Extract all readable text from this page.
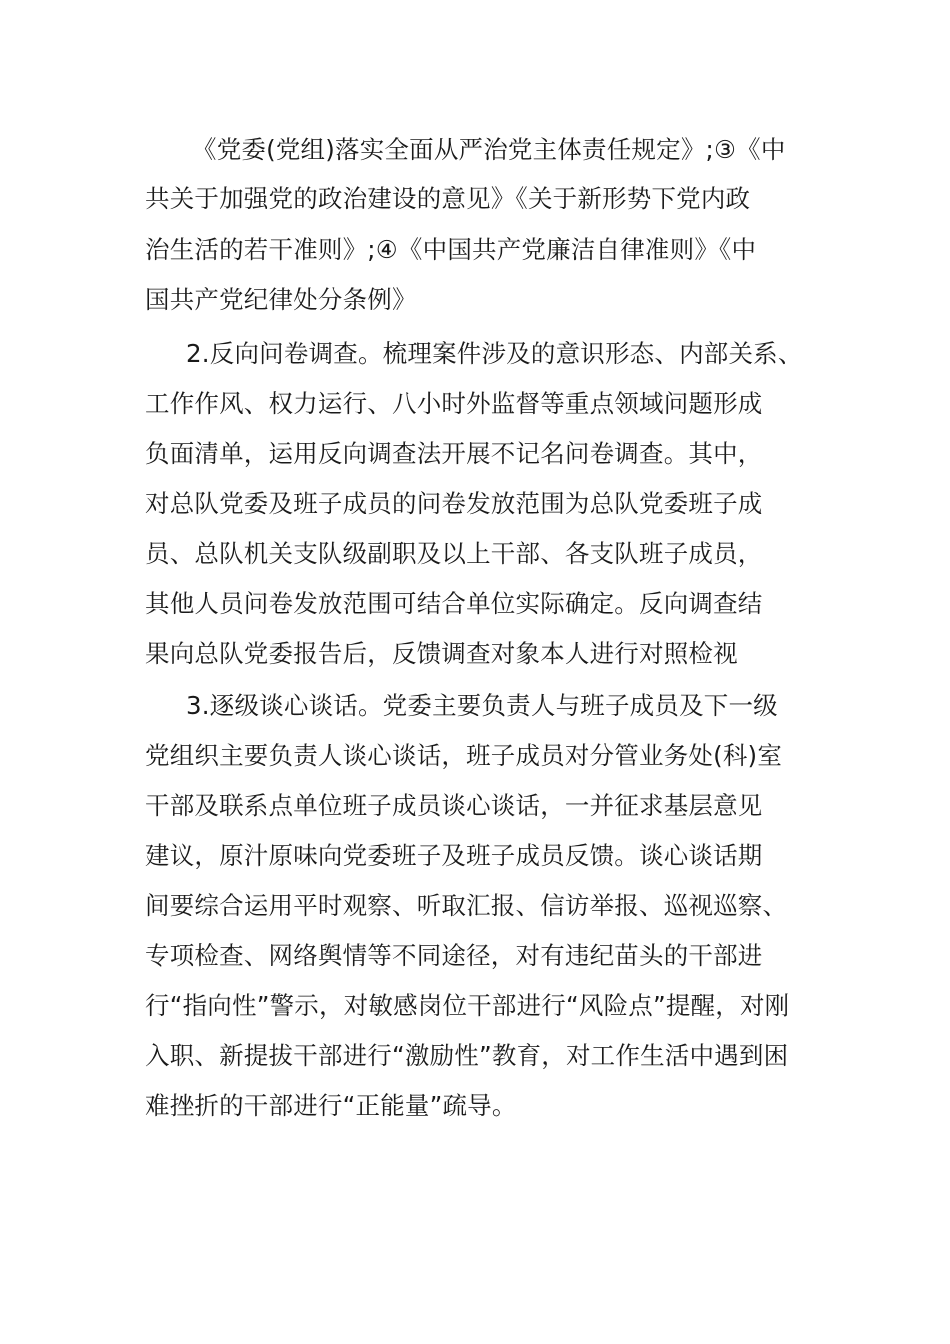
《党委(党组)落实全面从严治党主体责任规定》;③《中
共关于加强党的政治建设的意见》《关于新形势下党内政
治生活的若干准则》;④《中国共产党廉洁自律准则》《中
国共产党纪律处分条例》
2.反向问卷调查。梳理案件涉及的意识形态、内部关系、
工作作风、权力运行、八小时外监督等重点领域问题形成
负面清单，运用反向调查法开展不记名问卷调查。其中，
对总队党委及班子成员的问卷发放范围为总队党委班子成
员、总队机关支队级副职及以上干部、各支队班子成员，
其他人员问卷发放范围可结合单位实际确定。反向调查结
果向总队党委报告后，反馈调查对象本人进行对照检视
3.逐级谈心谈话。党委主要负责人与班子成员及下一级
党组织主要负责人谈心谈话，班子成员对分管业务处(科)室
干部及联系点单位班子成员谈心谈话，一并征求基层意见
建议，原汁原味向党委班子及班子成员反馈。谈心谈话期
间要综合运用平时观察、听取汇报、信访举报、巡视巡察、
专项检查、网络舆情等不同途径，对有违纪苗头的干部进
行“指向性”警示，对敏感岗位干部进行“风险点”提醒，对刚
入职、新提拔干部进行“激励性”教育，对工作生活中遇到困
难挫折的干部进行“正能量”疏导。
